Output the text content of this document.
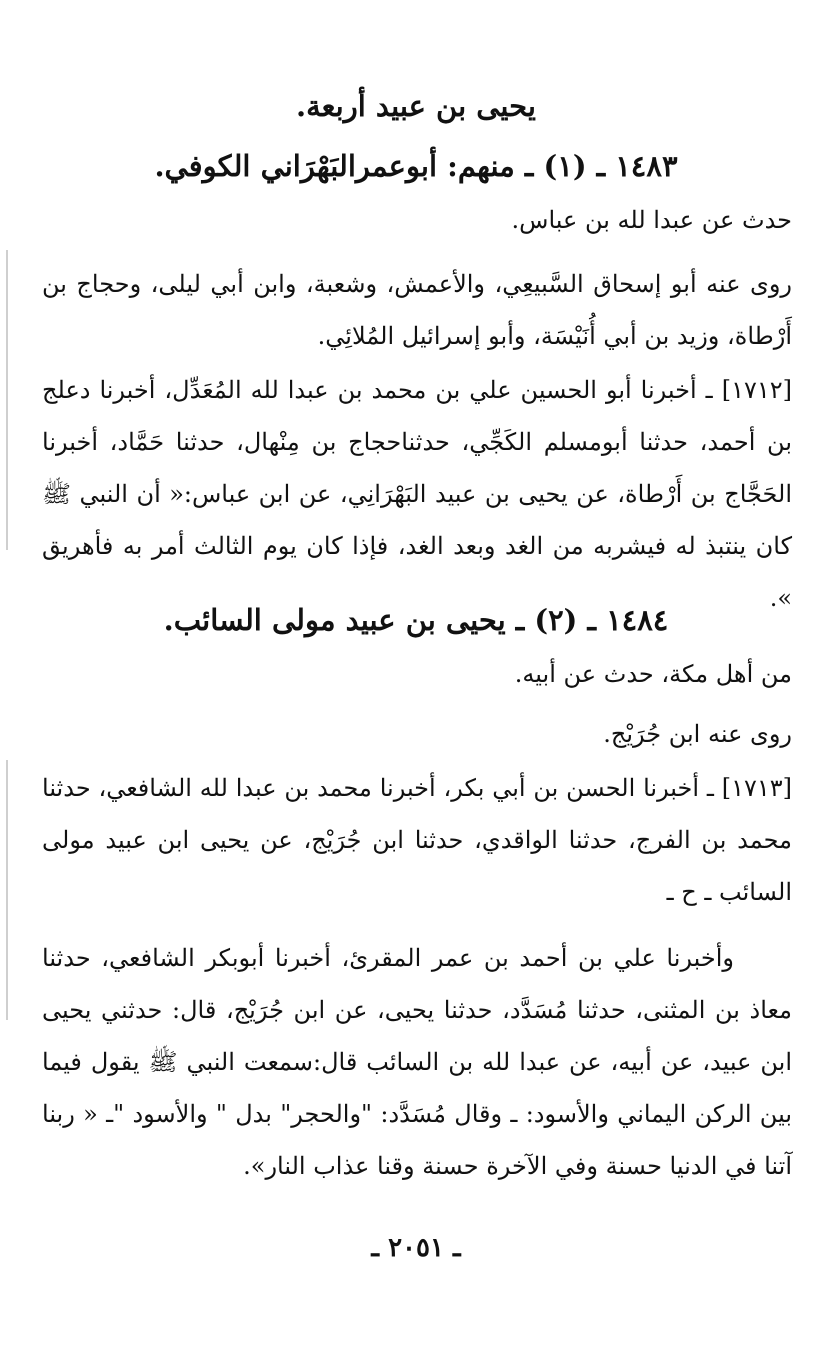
يحيى بن عبيد أربعة.
١٤٨٣ ـ (١) ـ منهم: أبوعمرالبَهْرَاني الكوفي.
حدث عن عبدا لله بن عباس.
روى عنه أبو إسحاق السَّبيعِي، والأعمش، وشعبة، وابن أبي ليلى، وحجاج بن أَرْطاة، وزيد بن أبي أُنَيْسَة، وأبو إسرائيل المُلائِي.
[١٧١٢] ـ أخبرنا أبو الحسين علي بن محمد بن عبدا لله المُعَدِّل، أخبرنا دعلج بن أحمد، حدثنا أبومسلم الكَجِّي، حدثناحجاج بن مِنْهال، حدثنا حَمَّاد، أخبرنا الحَجَّاج بن أَرْطاة، عن يحيى بن عبيد البَهْرَانِي، عن ابن عباس:« أن النبي ﷺ كان ينتبذ له فيشربه من الغد وبعد الغد، فإذا كان يوم الثالث أمر به فأهريق ».
١٤٨٤ ـ (٢) ـ يحيى بن عبيد مولى السائب.
من أهل مكة، حدث عن أبيه.
روى عنه ابن جُرَيْج.
[١٧١٣] ـ أخبرنا الحسن بن أبي بكر، أخبرنا محمد بن عبدا لله الشافعي، حدثنا محمد بن الفرج، حدثنا الواقدي، حدثنا ابن جُرَيْج، عن يحيى ابن عبيد مولى السائب ـ ح ـ
وأخبرنا علي بن أحمد بن عمر المقرئ، أخبرنا أبوبكر الشافعي، حدثنا معاذ بن المثنى، حدثنا مُسَدَّد، حدثنا يحيى، عن ابن جُرَيْج، قال: حدثني يحيى ابن عبيد، عن أبيه، عن عبدا لله بن السائب قال:سمعت النبي ﷺ يقول فيما بين الركن اليماني والأسود: ـ وقال مُسَدَّد: "والحجر" بدل " والأسود "ـ « ربنا آتنا في الدنيا حسنة وفي الآخرة حسنة وقنا عذاب النار».
ـ ٢٠٥١ ـ
